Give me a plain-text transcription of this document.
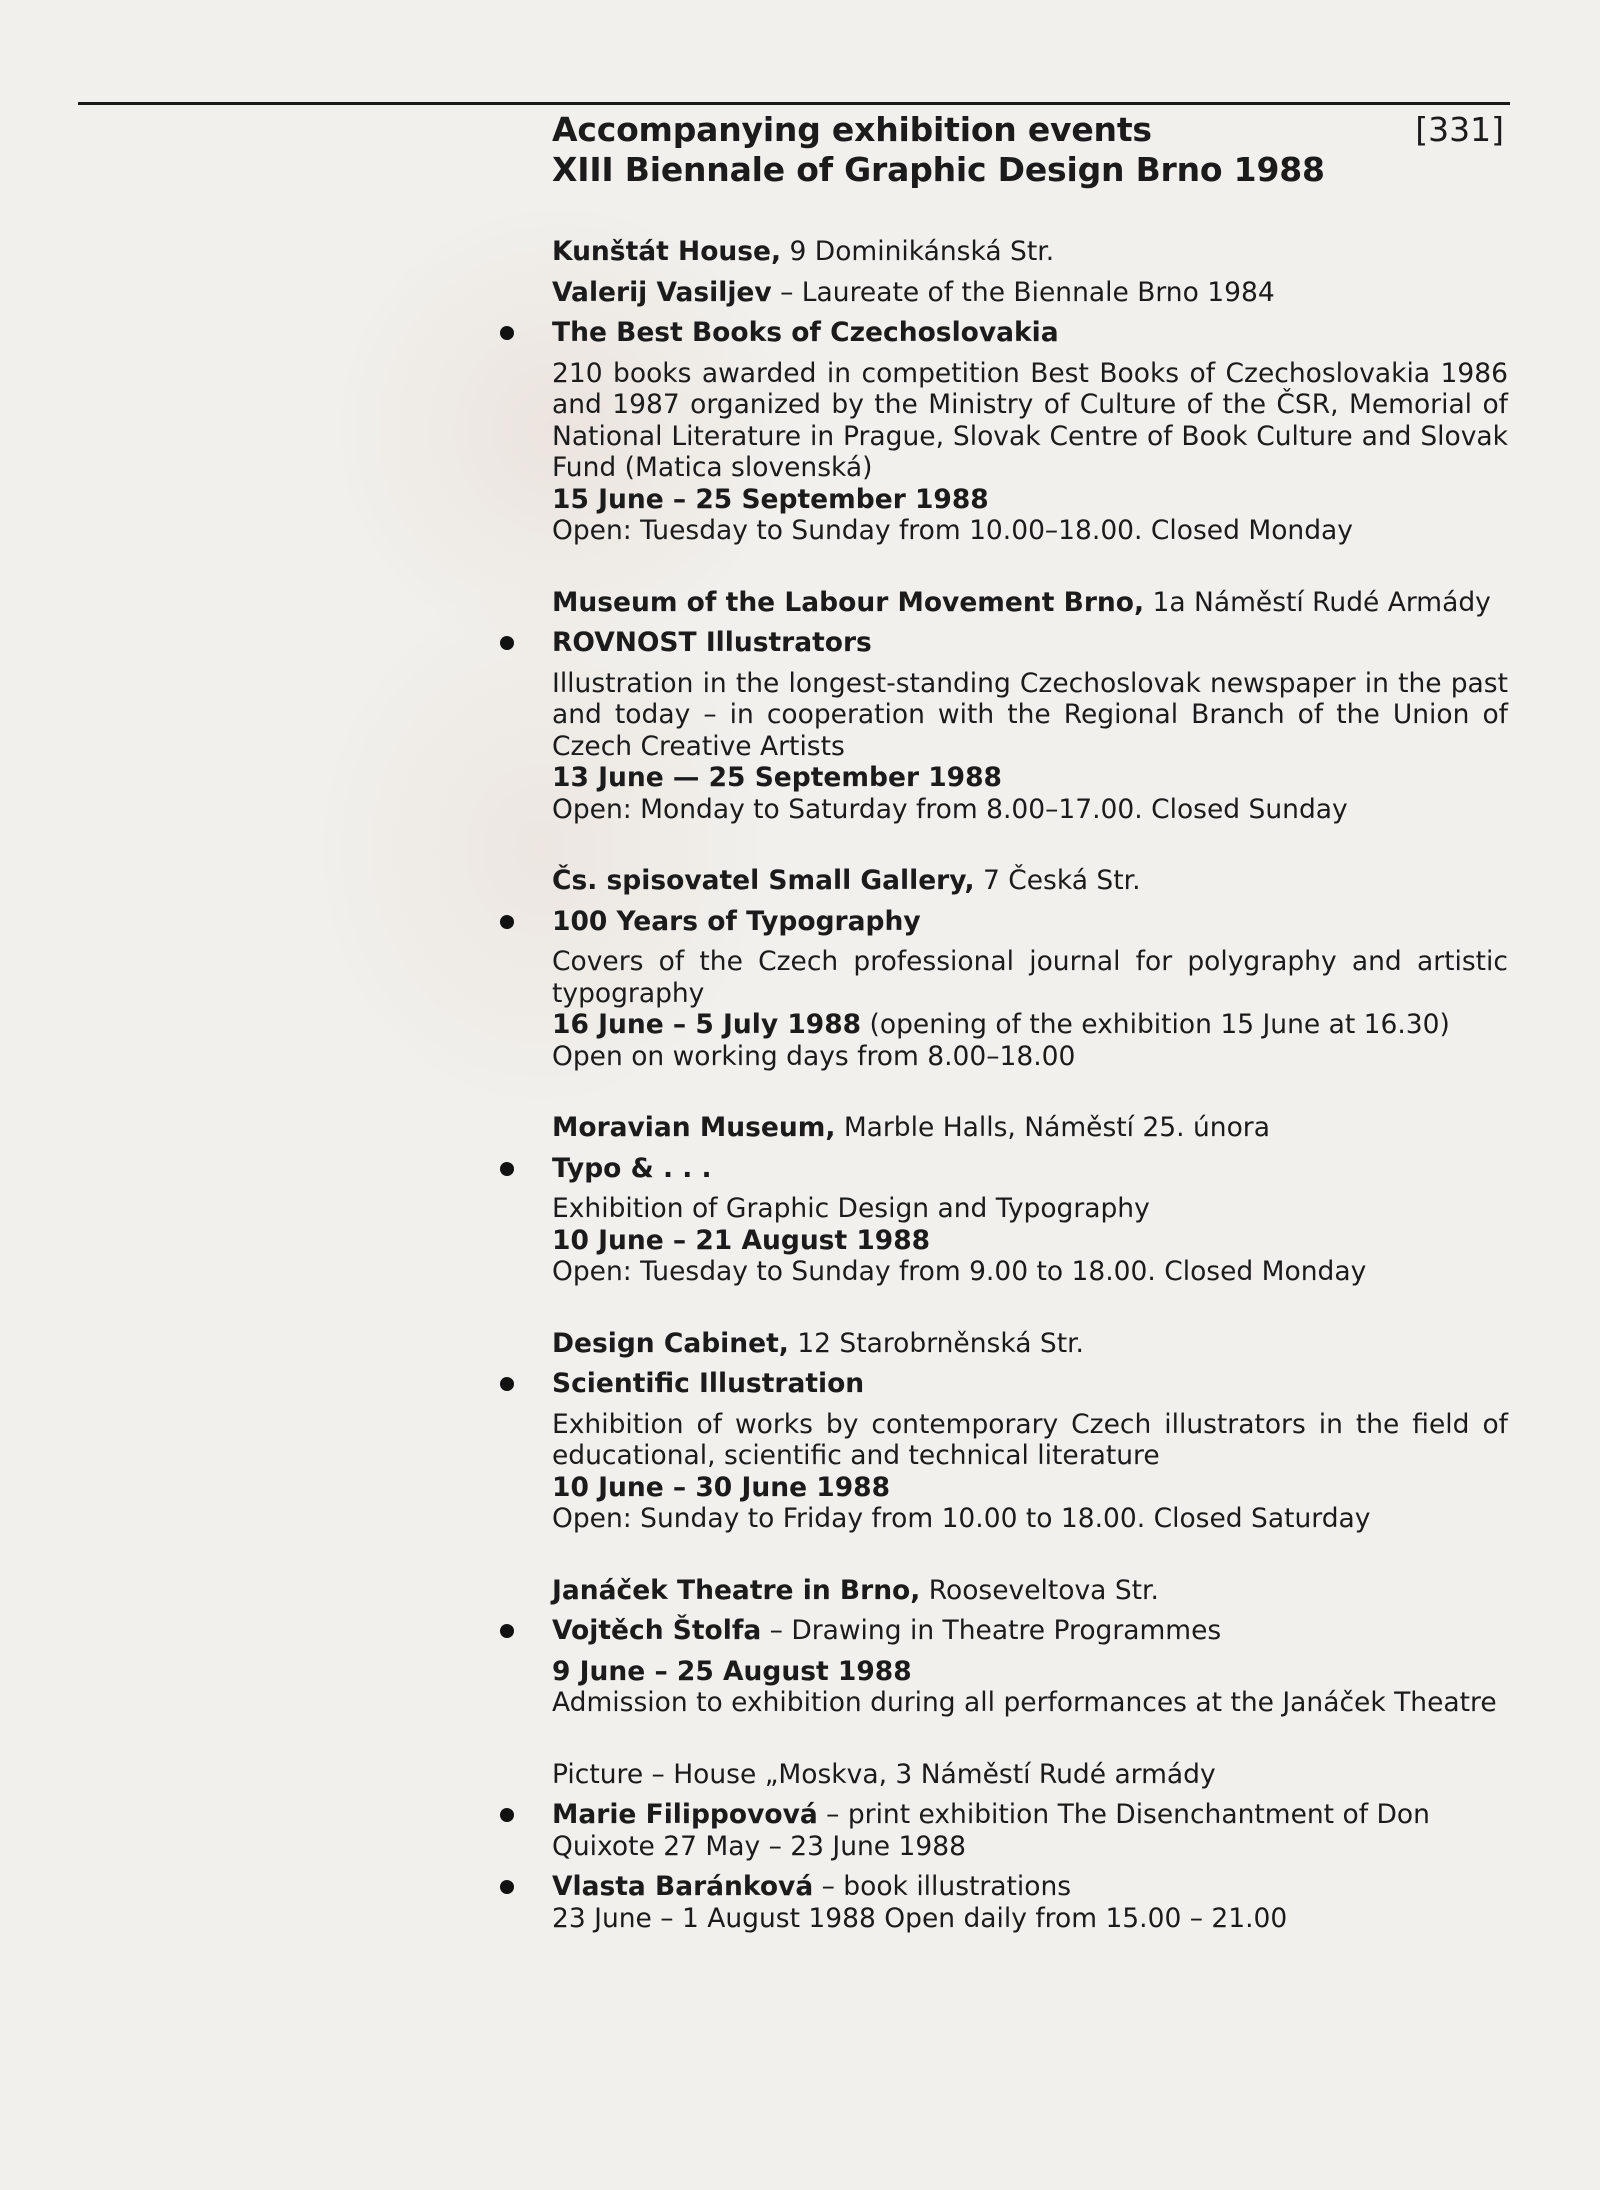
Accompanying exhibition events
XIII Biennale of Graphic Design Brno 1988
[331]
Kunštát House, 9 Dominikánská Str.
Valerij Vasiljev – Laureate of the Biennale Brno 1984
The Best Books of Czechoslovakia
210 books awarded in competition Best Books of Czechoslovakia 1986 and 1987 organized by the Ministry of Culture of the ČSR, Memorial of National Literature in Prague, Slovak Centre of Book Culture and Slovak Fund (Matica slovenská)
15 June – 25 September 1988
Open: Tuesday to Sunday from 10.00–18.00. Closed Monday
Museum of the Labour Movement Brno, 1a Náměstí Rudé Armády
ROVNOST Illustrators
Illustration in the longest-standing Czechoslovak newspaper in the past and today – in cooperation with the Regional Branch of the Union of Czech Creative Artists
13 June — 25 September 1988
Open: Monday to Saturday from 8.00–17.00. Closed Sunday
Čs. spisovatel Small Gallery, 7 Česká Str.
100 Years of Typography
Covers of the Czech professional journal for polygraphy and artistic typography
16 June – 5 July 1988 (opening of the exhibition 15 June at 16.30)
Open on working days from 8.00–18.00
Moravian Museum, Marble Halls, Náměstí 25. února
Typo & . . .
Exhibition of Graphic Design and Typography
10 June – 21 August 1988
Open: Tuesday to Sunday from 9.00 to 18.00. Closed Monday
Design Cabinet, 12 Starobrněnská Str.
Scientific Illustration
Exhibition of works by contemporary Czech illustrators in the field of educational, scientific and technical literature
10 June – 30 June 1988
Open: Sunday to Friday from 10.00 to 18.00. Closed Saturday
Janáček Theatre in Brno, Rooseveltova Str.
Vojtěch Štolfa – Drawing in Theatre Programmes
9 June – 25 August 1988
Admission to exhibition during all performances at the Janáček Theatre
Picture – House „Moskva, 3 Náměstí Rudé armády
Marie Filippovová – print exhibition The Disenchantment of Don Quixote 27 May – 23 June 1988
Vlasta Baránková – book illustrations
23 June – 1 August 1988 Open daily from 15.00 – 21.00
